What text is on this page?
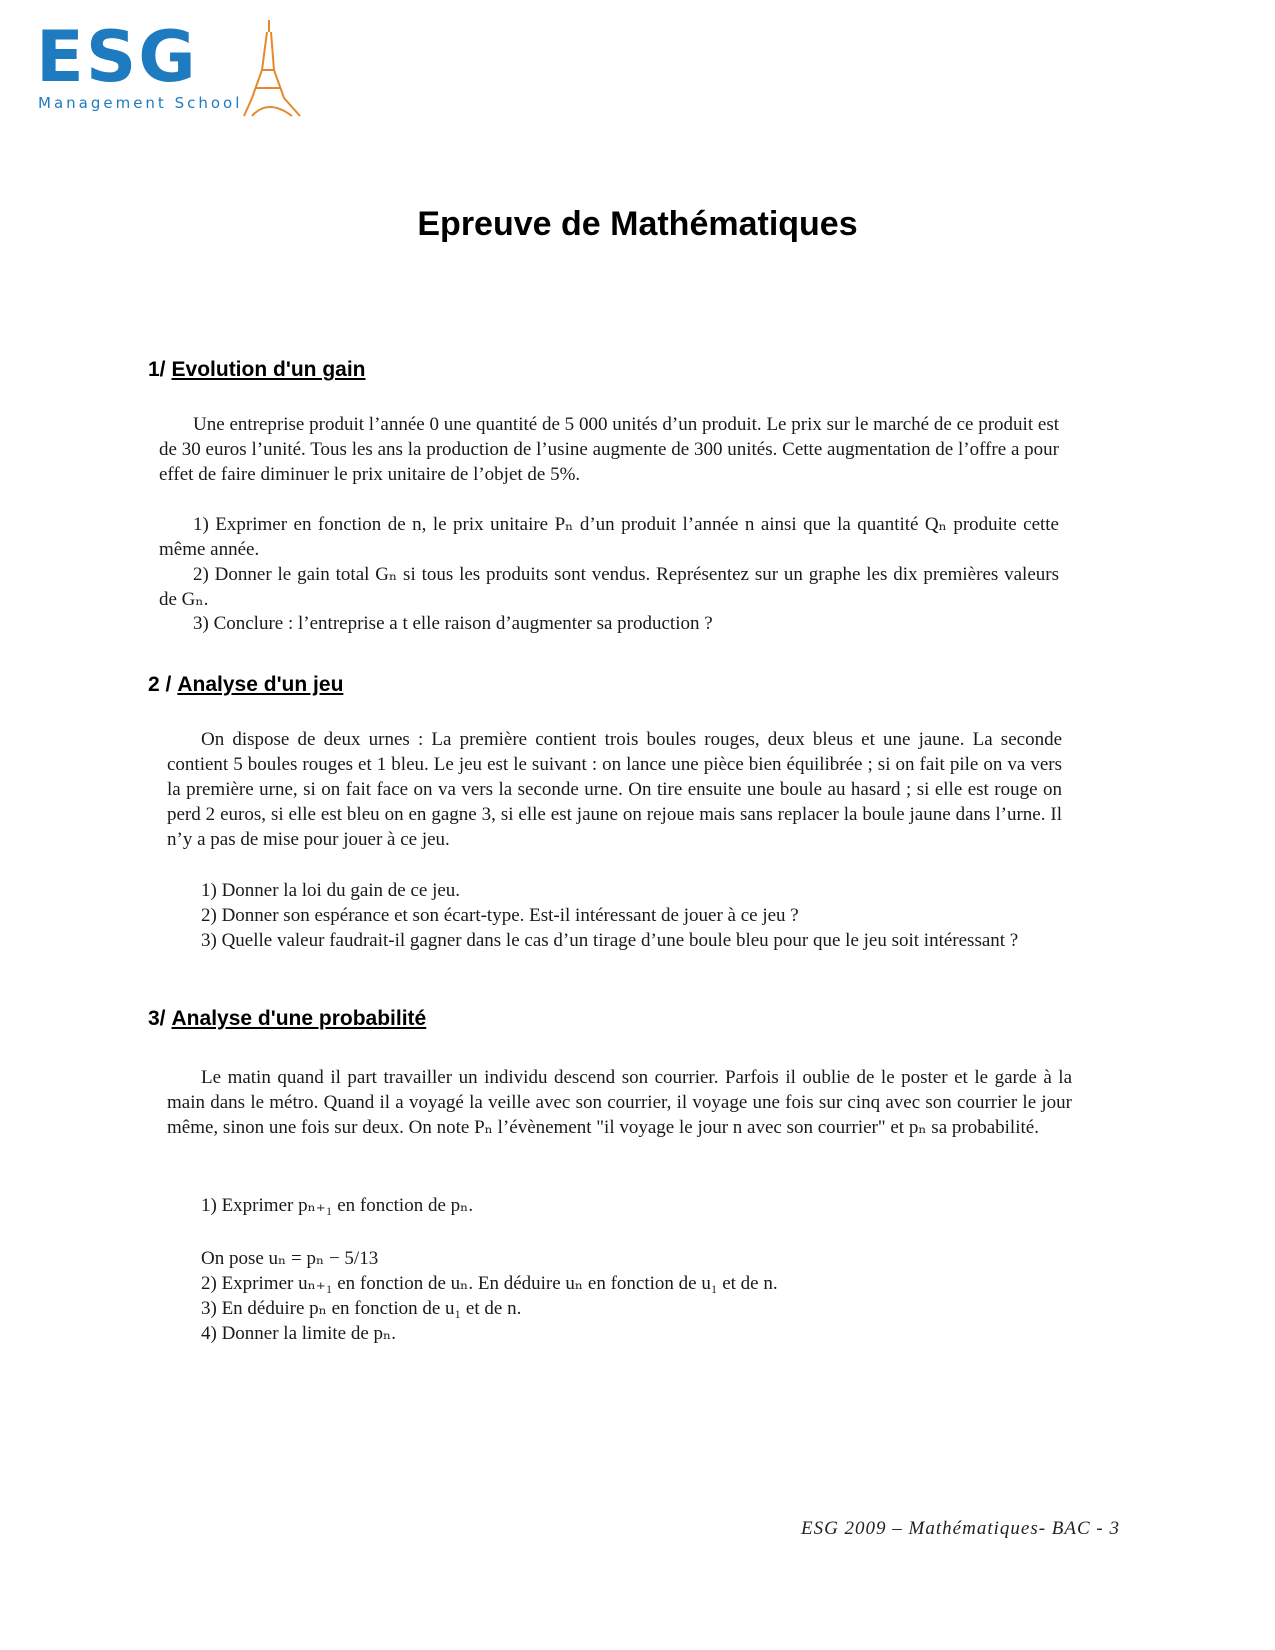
ESG
Management School
Epreuve de Mathématiques
1/ Evolution d'un gain

Une entreprise produit l’année 0 une quantité de 5 000 unités d’un produit. Le prix sur le marché de ce produit est de 30 euros l’unité. Tous les ans la production de l’usine augmente de 300 unités. Cette augmentation de l’offre a pour effet de faire diminuer le prix unitaire de l’objet de 5%.

1) Exprimer en fonction de n, le prix unitaire Pₙ d’un produit l’année n ainsi que la quantité Qₙ produite cette même année.

2) Donner le gain total Gₙ si tous les produits sont vendus. Représentez sur un graphe les dix premières valeurs de Gₙ.

3) Conclure : l’entreprise a t elle raison d’augmenter sa production ?

2 / Analyse d'un jeu

On dispose de deux urnes : La première contient trois boules rouges, deux bleus et une jaune. La seconde contient 5 boules rouges et 1 bleu. Le jeu est le suivant : on lance une pièce bien équilibrée ; si on fait pile on va vers la première urne, si on fait face on va vers la seconde urne. On tire ensuite une boule au hasard ; si elle est rouge on perd 2 euros, si elle est bleu on en gagne 3, si elle est jaune on rejoue mais sans replacer la boule jaune dans l’urne. Il n’y a pas de mise pour jouer à ce jeu.

1) Donner la loi du gain de ce jeu.

2) Donner son espérance et son écart-type. Est-il intéressant de jouer à ce jeu ?

3) Quelle valeur faudrait-il gagner dans le cas d’un tirage d’une boule bleu pour que le jeu soit intéressant ?

3/ Analyse d'une probabilité

Le matin quand il part travailler un individu descend son courrier. Parfois il oublie de le poster et le garde à la main dans le métro. Quand il a voyagé la veille avec son courrier, il voyage une fois sur cinq avec son courrier le jour même, sinon une fois sur deux. On note Pₙ l’évènement "il voyage le jour n avec son courrier" et pₙ sa probabilité.

1) Exprimer pₙ₊₁ en fonction de pₙ.

On pose uₙ = pₙ − 5/13

2) Exprimer uₙ₊₁ en fonction de uₙ. En déduire uₙ en fonction de u₁ et de n.

3) En déduire pₙ en fonction de u₁ et de n.

4) Donner la limite de pₙ.

ESG 2009 – Mathématiques- BAC - 3
